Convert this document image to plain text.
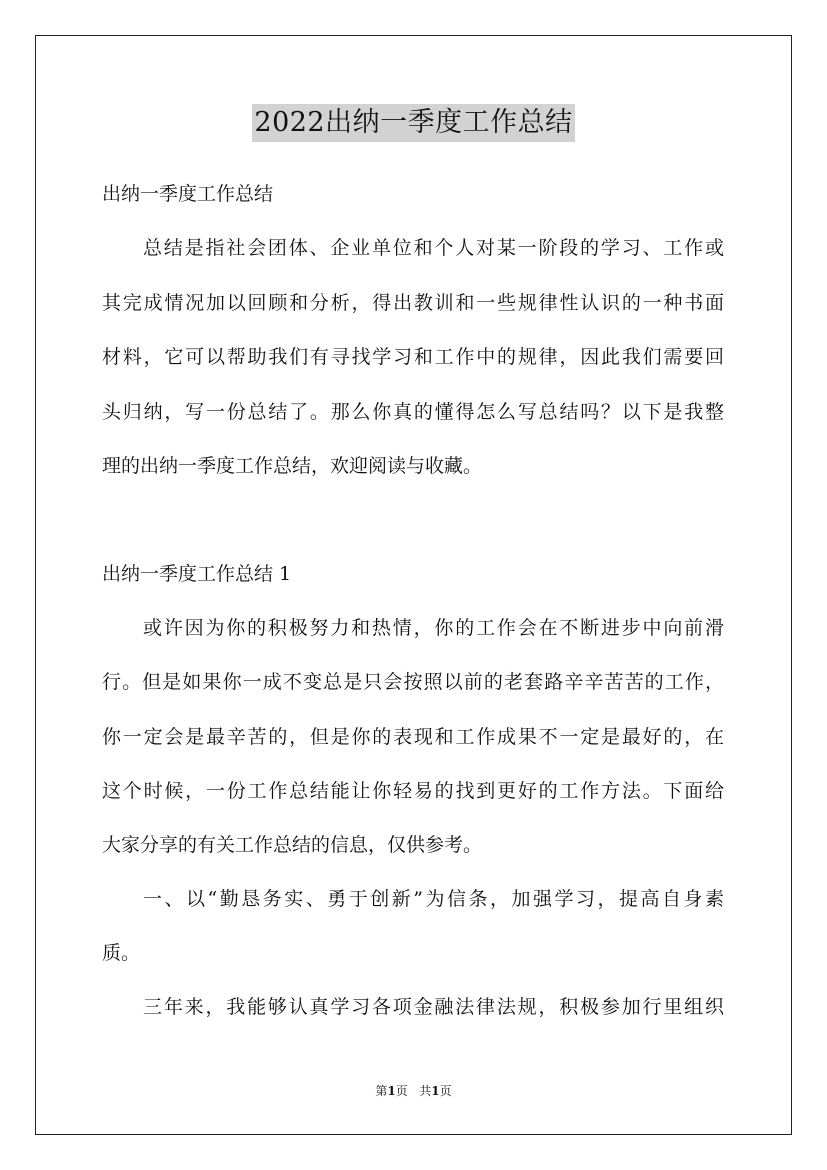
2022出纳一季度工作总结
出纳一季度工作总结
总结是指社会团体、企业单位和个人对某一阶段的学习、工作或
其完成情况加以回顾和分析，得出教训和一些规律性认识的一种书面
材料，它可以帮助我们有寻找学习和工作中的规律，因此我们需要回
头归纳，写一份总结了。那么你真的懂得怎么写总结吗？以下是我整
理的出纳一季度工作总结，欢迎阅读与收藏。
出纳一季度工作总结 1
或许因为你的积极努力和热情，你的工作会在不断进步中向前滑
行。但是如果你一成不变总是只会按照以前的老套路辛辛苦苦的工作，
你一定会是最辛苦的，但是你的表现和工作成果不一定是最好的，在
这个时候，一份工作总结能让你轻易的找到更好的工作方法。下面给
大家分享的有关工作总结的信息，仅供参考。
一、以“勤恳务实、勇于创新”为信条，加强学习，提高自身素
质。
三年来，我能够认真学习各项金融法律法规，积极参加行里组织
第1页   共1页
